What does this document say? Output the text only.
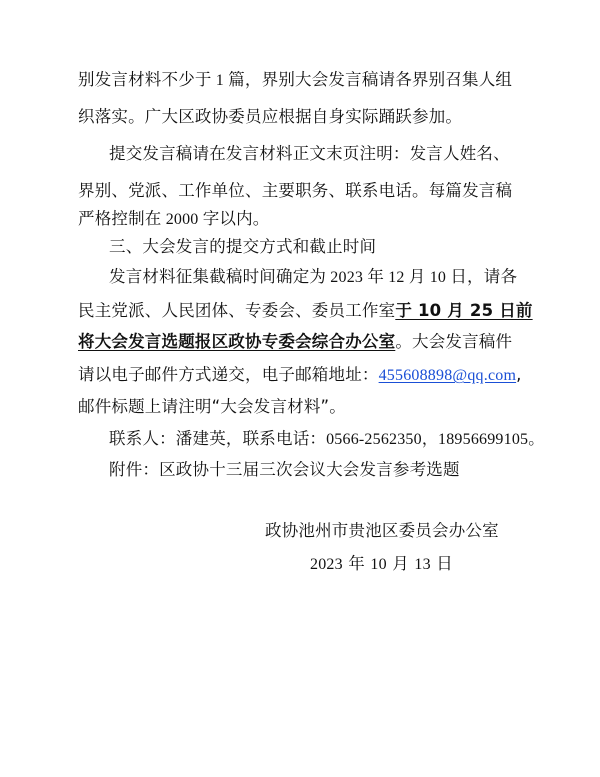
别发言材料不少于 1 篇，界别大会发言稿请各界别召集人组
织落实。广大区政协委员应根据自身实际踊跃参加。
提交发言稿请在发言材料正文末页注明：发言人姓名、
界别、党派、工作单位、主要职务、联系电话。每篇发言稿
严格控制在 2000 字以内。
三、大会发言的提交方式和截止时间
发言材料征集截稿时间确定为 2023 年 12 月 10 日，请各
民主党派、人民团体、专委会、委员工作室于 10 月 25 日前
将大会发言选题报区政协专委会综合办公室。大会发言稿件
请以电子邮件方式递交，电子邮箱地址：455608898@qq.com,
邮件标题上请注明“大会发言材料”。
联系人：潘建英，联系电话：0566-2562350，18956699105。
附件：区政协十三届三次会议大会发言参考选题
政协池州市贵池区委员会办公室
2023 年 10 月 13 日
